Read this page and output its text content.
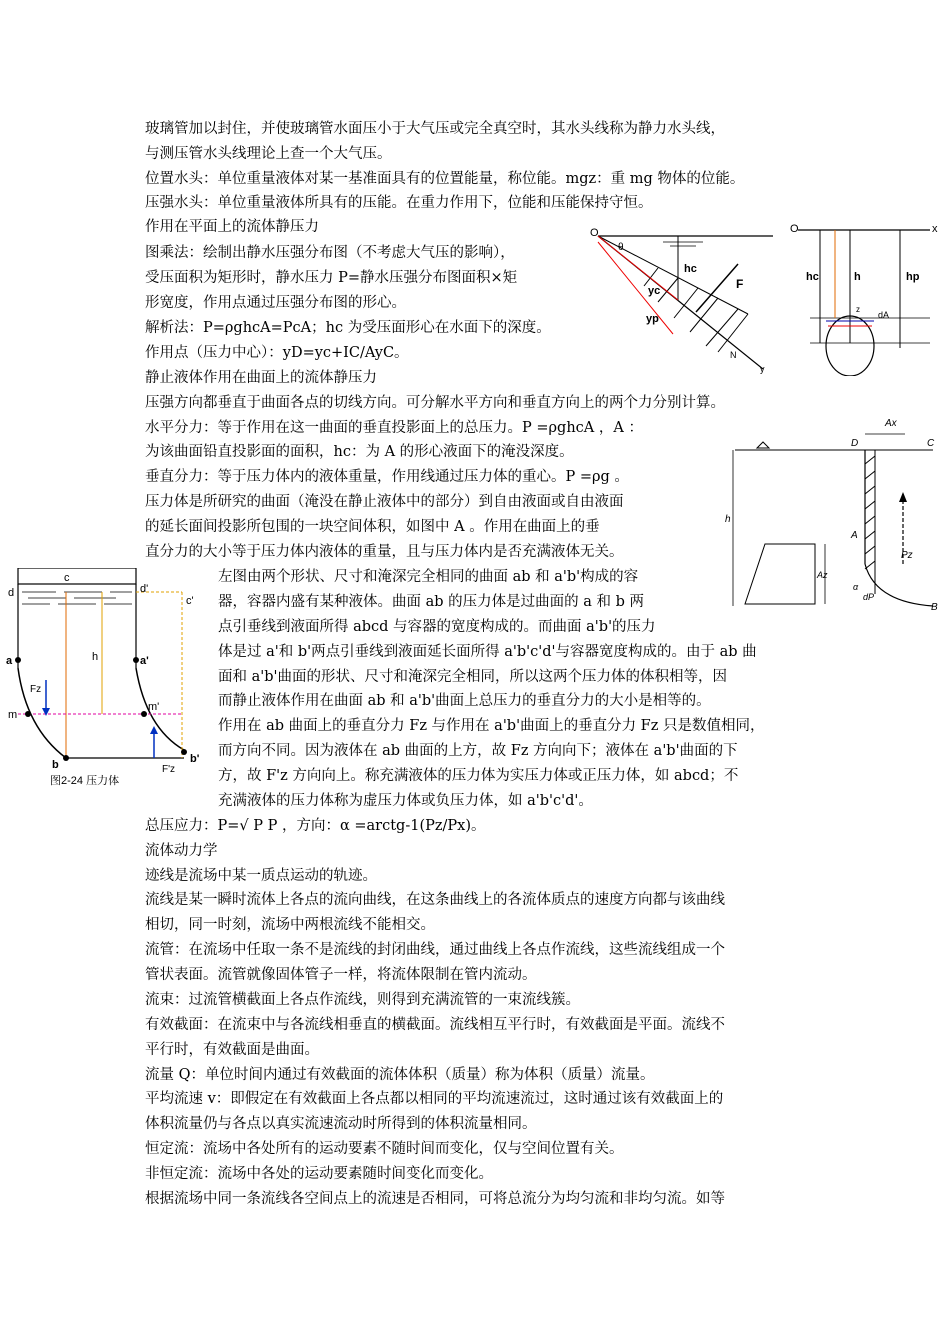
玻璃管加以封住，并使玻璃管水面压小于大气压或完全真空时，其水头线称为静力水头线，
与测压管水头线理论上查一个大气压。
位置水头：单位重量液体对某一基准面具有的位置能量，称位能。mgz：重 mg 物体的位能。
压强水头：单位重量液体所具有的压能。在重力作用下，位能和压能保持守恒。
作用在平面上的流体静压力
图乘法：绘制出静水压强分布图（不考虑大气压的影响），
受压面积为矩形时，静水压力 P=静水压强分布图面积×矩
形宽度，作用点通过压强分布图的形心。
解析法：P=ρghcA=PcA；hc 为受压面形心在水面下的深度。
作用点（压力中心）：yD=yc+IC/AyC。
静止液体作用在曲面上的流体静压力
压强方向都垂直于曲面各点的切线方向。可分解水平方向和垂直方向上的两个力分别计算。
水平分力：等于作用在这一曲面的垂直投影面上的总压力。P =ρghcA ，A ：
为该曲面铅直投影面的面积，hc：为 A 的形心液面下的淹没深度。
垂直分力：等于压力体内的液体重量，作用线通过压力体的重心。P =ρg 。
压力体是所研究的曲面（淹没在静止液体中的部分）到自由液面或自由液面
的延长面间投影所包围的一块空间体积，如图中 A 。作用在曲面上的垂
直分力的大小等于压力体内液体的重量，且与压力体内是否充满液体无关。
左图由两个形状、尺寸和淹深完全相同的曲面 ab 和 a'b'构成的容
器，容器内盛有某种液体。曲面 ab 的压力体是过曲面的 a 和 b 两
点引垂线到液面所得 abcd 与容器的宽度构成的。而曲面 a'b'的压力
体是过 a'和 b'两点引垂线到液面延长面所得 a'b'c'd'与容器宽度构成的。由于 ab 曲
面和 a'b'曲面的形状、尺寸和淹深完全相同，所以这两个压力体的体积相等，因
而静止液体作用在曲面 ab 和 a'b'曲面上总压力的垂直分力的大小是相等的。
作用在 ab 曲面上的垂直分力 Fz 与作用在 a'b'曲面上的垂直分力 Fz 只是数值相同，
而方向不同。因为液体在 ab 曲面的上方，故 Fz 方向向下；液体在 a'b'曲面的下
方，故 F'z 方向向上。称充满液体的压力体为实压力体或正压力体，如 abcd；不
充满液体的压力体称为虚压力体或负压力体，如 a'b'c'd'。
总压应力：P=√ P P ，方向：α =arctg-1(Pz/Px)。
流体动力学
迹线是流场中某一质点运动的轨迹。
流线是某一瞬时流体上各点的流向曲线，在这条曲线上的各流体质点的速度方向都与该曲线
相切，同一时刻，流场中两根流线不能相交。
流管：在流场中任取一条不是流线的封闭曲线，通过曲线上各点作流线，这些流线组成一个
管状表面。流管就像固体管子一样，将流体限制在管内流动。
流束：过流管横截面上各点作流线，则得到充满流管的一束流线簇。
有效截面：在流束中与各流线相垂直的横截面。流线相互平行时，有效截面是平面。流线不
平行时，有效截面是曲面。
流量 Q：单位时间内通过有效截面的流体体积（质量）称为体积（质量）流量。
平均流速 v：即假定在有效截面上各点都以相同的平均流速流过，这时通过该有效截面上的
体积流量仍与各点以真实流速流动时所得到的体积流量相同。
恒定流：流场中各处所有的运动要素不随时间而变化，仅与空间位置有关。
非恒定流：流场中各处的运动要素随时间变化而变化。
根据流场中同一条流线各空间点上的流速是否相同，可将总流分为均匀流和非均匀流。如等
O
θ
hc
yc
yp
F
N
y
O	x
hc	h	hp
z
dA
Ax
D	C
h
A
B
Pz
Az
α
dP
c
d	d'
c'
a	a'
h
Fz
m
m'
b	b'
F'z
图2-24 压力体
